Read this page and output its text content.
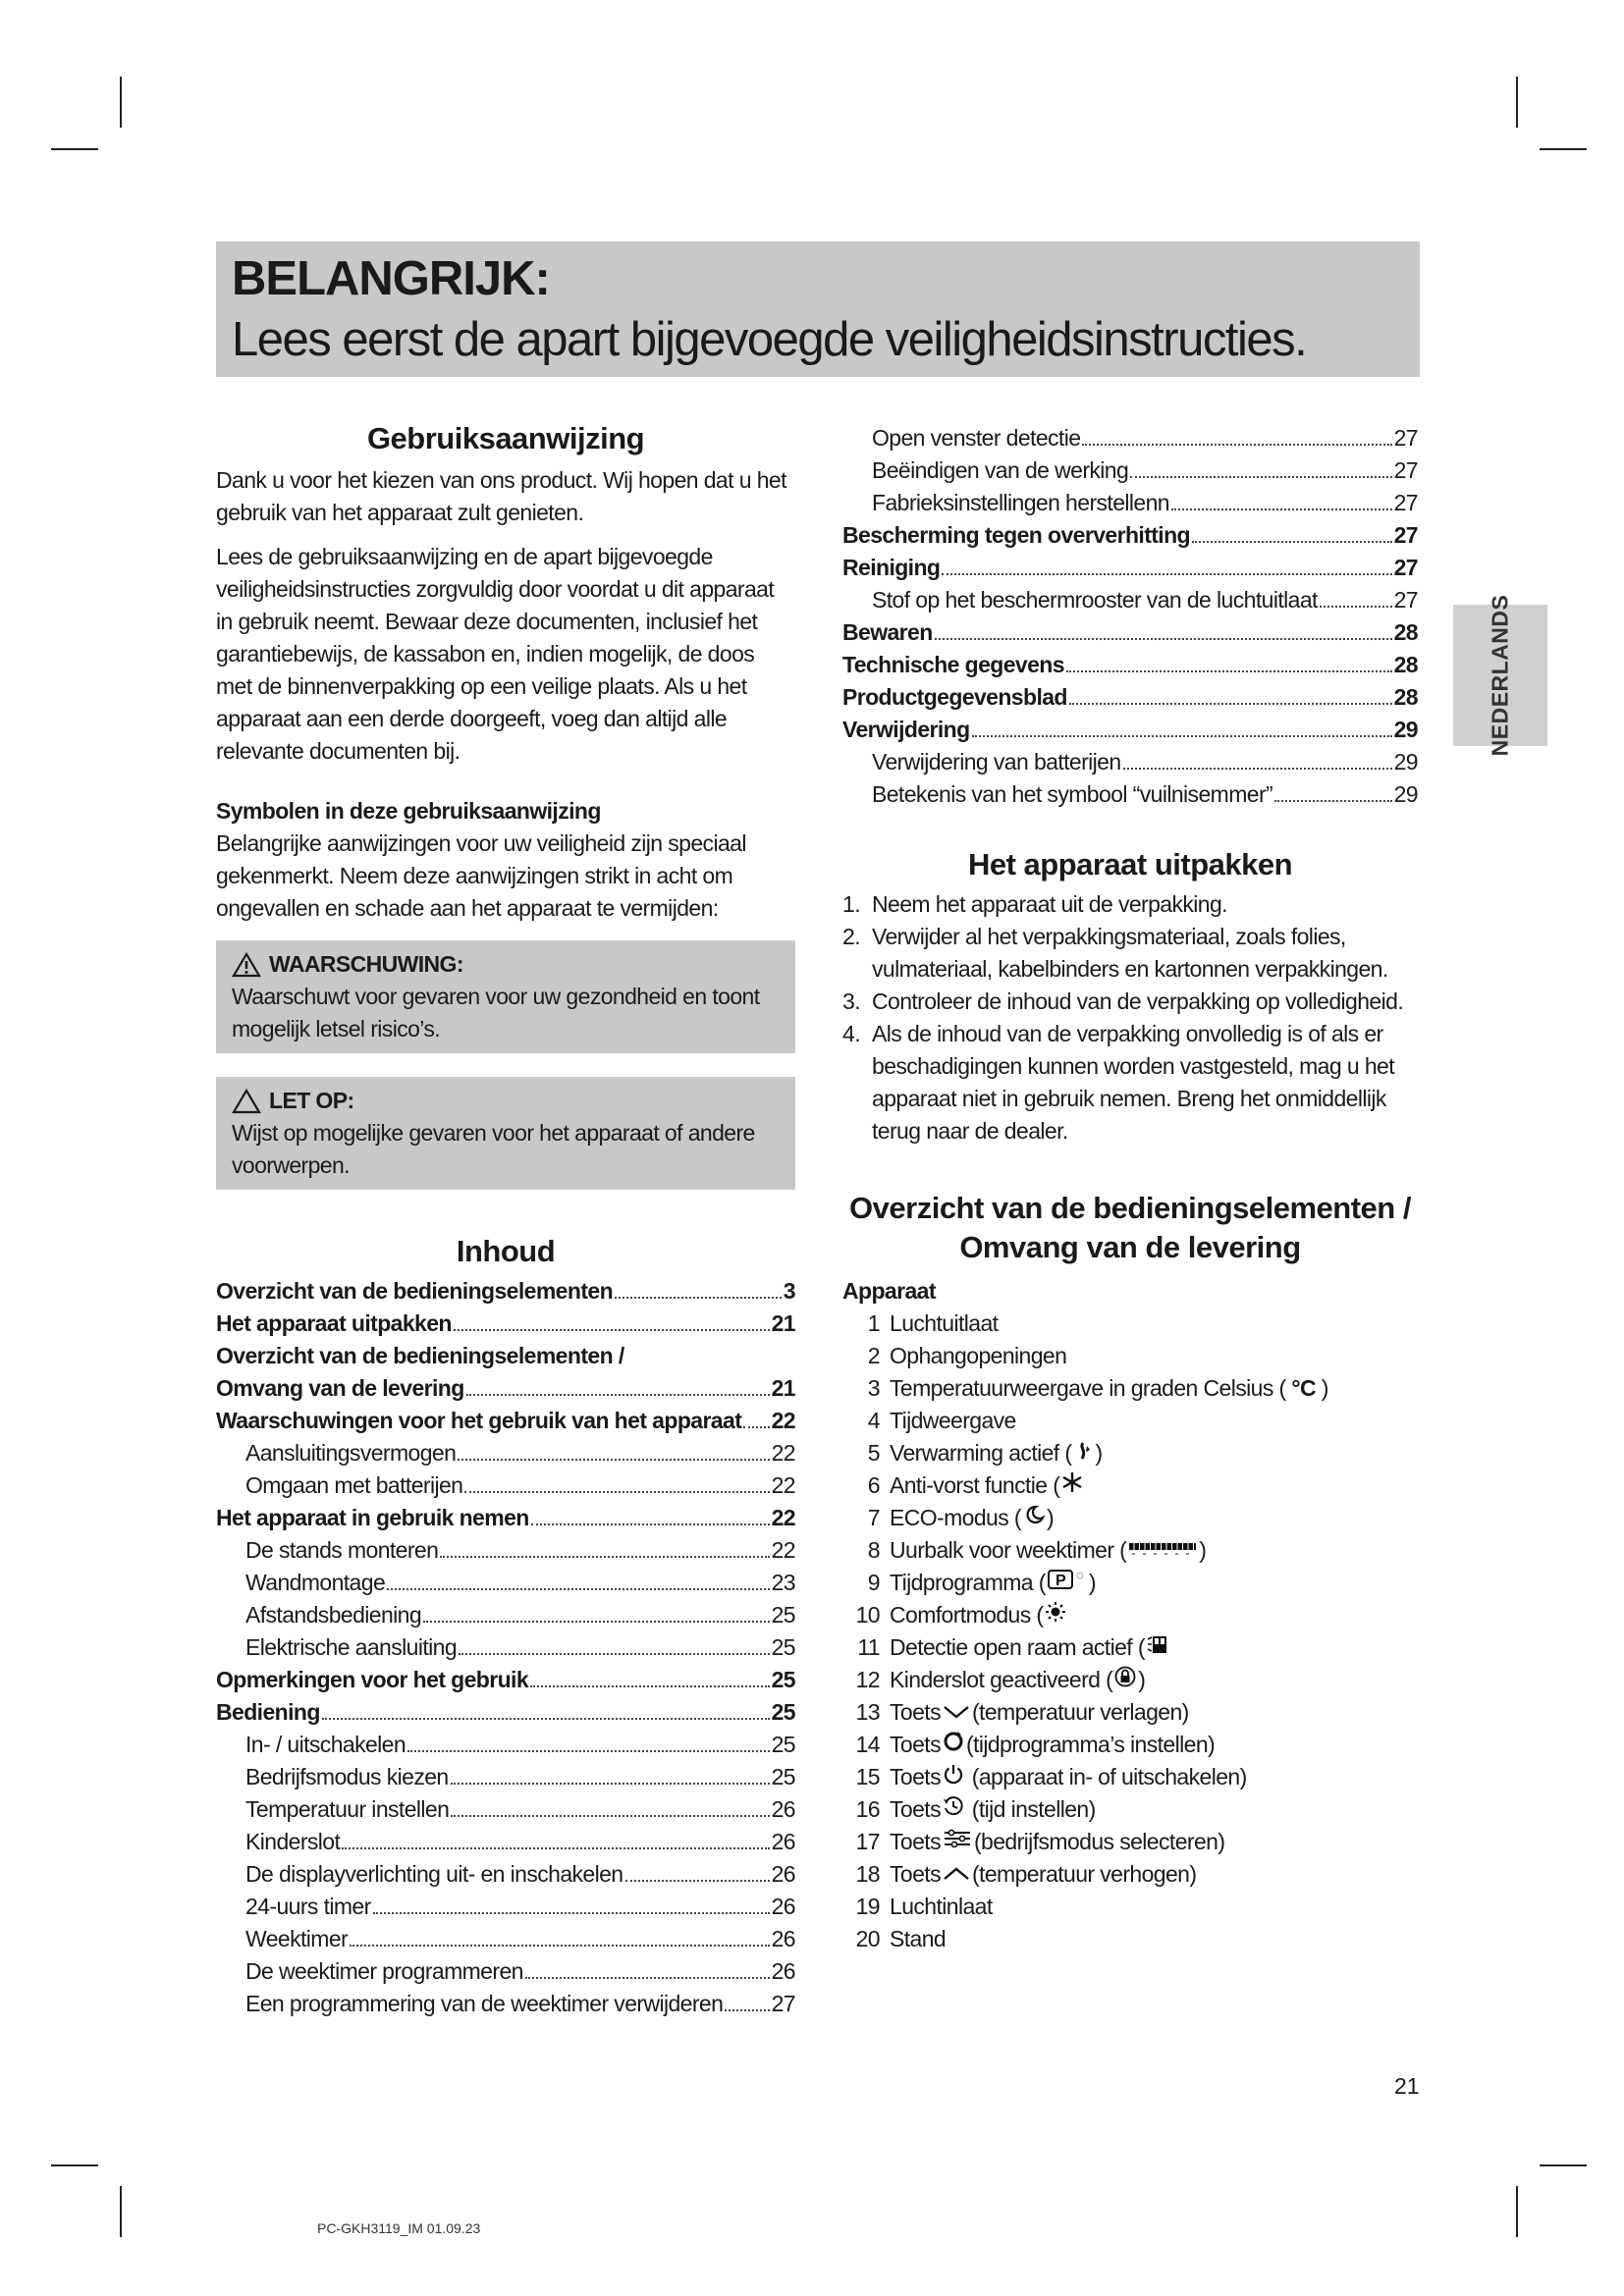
BELANGRIJK:
Lees eerst de apart bijgevoegde veiligheidsinstructies.
NEDERLANDS
Gebruiksaanwijzing

Dank u voor het kiezen van ons product. Wij hopen dat u het gebruik van het apparaat zult genieten.

Lees de gebruiksaanwijzing en de apart bijgevoegde veiligheidsinstructies zorgvuldig door voordat u dit apparaat in gebruik neemt. Bewaar deze documenten, inclusief het garantiebewijs, de kassabon en, indien mogelijk, de doos met de binnenverpakking op een veilige plaats. Als u het apparaat aan een derde doorgeeft, voeg dan altijd alle relevante documenten bij.

Symbolen in deze gebruiksaanwijzing

Belangrijke aanwijzingen voor uw veiligheid zijn speciaal gekenmerkt. Neem deze aanwijzingen strikt in acht om ongevallen en schade aan het apparaat te vermijden:

WAARSCHUWING:
Waarschuwt voor gevaren voor uw gezondheid en toont mogelijk letsel risico’s.
LET OP:
Wijst op mogelijke gevaren voor het apparaat of andere voorwerpen.
Inhoud
Overzicht van de bedieningselementen	3
Het apparaat uitpakken	21
Overzicht van de bedieningselementen /
Omvang van de levering	21
Waarschuwingen voor het gebruik van het apparaat 22
Aansluitingsvermogen	22
Omgaan met batterijen	22
Het apparaat in gebruik nemen	22
De stands monteren	22
Wandmontage	23
Afstandsbediening	25
Elektrische aansluiting	25
Opmerkingen voor het gebruik	25
Bediening	25
In- / uitschakelen	25
Bedrijfsmodus kiezen	25
Temperatuur instellen	26
Kinderslot	26
De displayverlichting uit- en inschakelen	26
24-uurs timer	26
Weektimer	26
De weektimer programmeren	26
Een programmering van de weektimer verwijderen 27
Open venster detectie	27
Beëindigen van de werking	27
Fabrieksinstellingen herstellenn	27
Bescherming tegen oververhitting	27
Reiniging	27
Stof op het beschermrooster van de luchtuitlaat	27
Bewaren	28
Technische gegevens	28
Productgegevensblad	28
Verwijdering	29
Verwijdering van batterijen	29
Betekenis van het symbool “vuilnisemmer”	29
Het apparaat uitpakken
1. Neem het apparaat uit de verpakking.
2. Verwijder al het verpakkingsmateriaal, zoals folies, vulmateriaal, kabelbinders en kartonnen verpakkingen.
3. Controleer de inhoud van de verpakking op volledigheid.
4. Als de inhoud van de verpakking onvolledig is of als er beschadigingen kunnen worden vastgesteld, mag u het apparaat niet in gebruik nemen. Breng het onmiddellijk terug naar de dealer.
Overzicht van de bedieningselementen /
Omvang van de levering
Apparaat
1 Luchtuitlaat
2 Ophangopeningen
3 Temperatuurweergave in graden Celsius ( °C )
4 Tijdweergave
5 Verwarming actief ( )
6 Anti-vorst functie (
7 ECO-modus ( )
8 Uurbalk voor weektimer (	)
9 Tijdprogramma ( P )
10 Comfortmodus (
11 Detectie open raam actief (
12 Kinderslot geactiveerd ( )
13 Toets (temperatuur verlagen)
14 Toets (tijdprogramma’s instellen)
15 Toets (apparaat in- of uitschakelen)
16 Toets (tijd instellen)
17 Toets (bedrijfsmodus selecteren)
18 Toets (temperatuur verhogen)
19 Luchtinlaat
20 Stand
21
PC-GKH3119_IM 01.09.23
